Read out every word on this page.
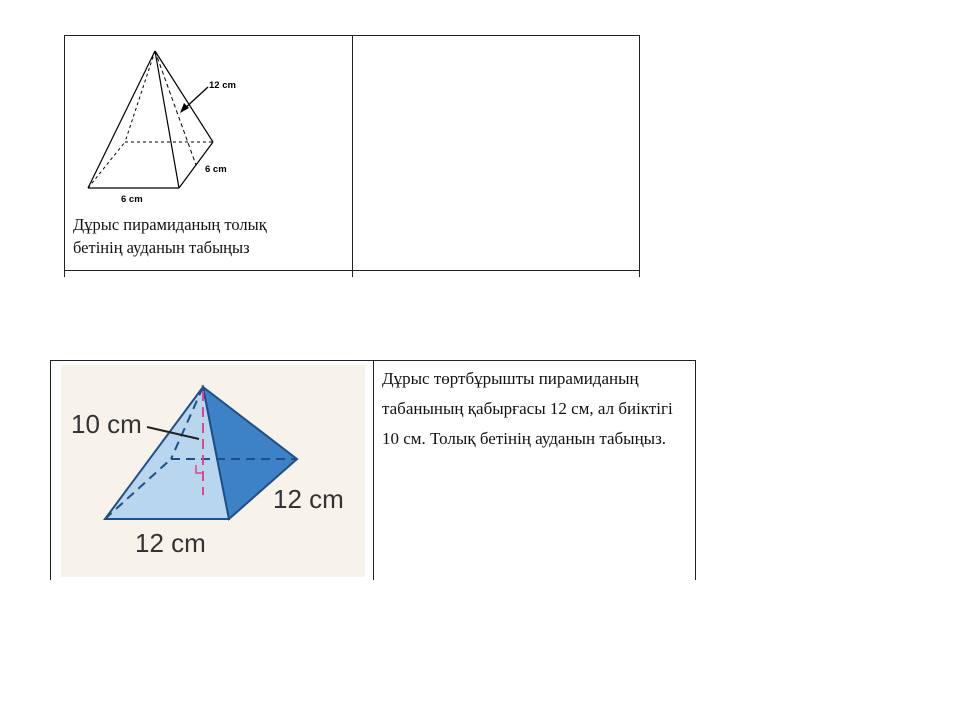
12 cm
6 cm
6 cm
Дұрыс пирамиданың толық
бетінің ауданын табыңыз
10 cm
12 cm
12 cm
Дұрыс төртбұрышты пирамиданың табанының қабырғасы 12 см, ал биіктігі 10 см. Толық бетінің ауданын табыңыз.
